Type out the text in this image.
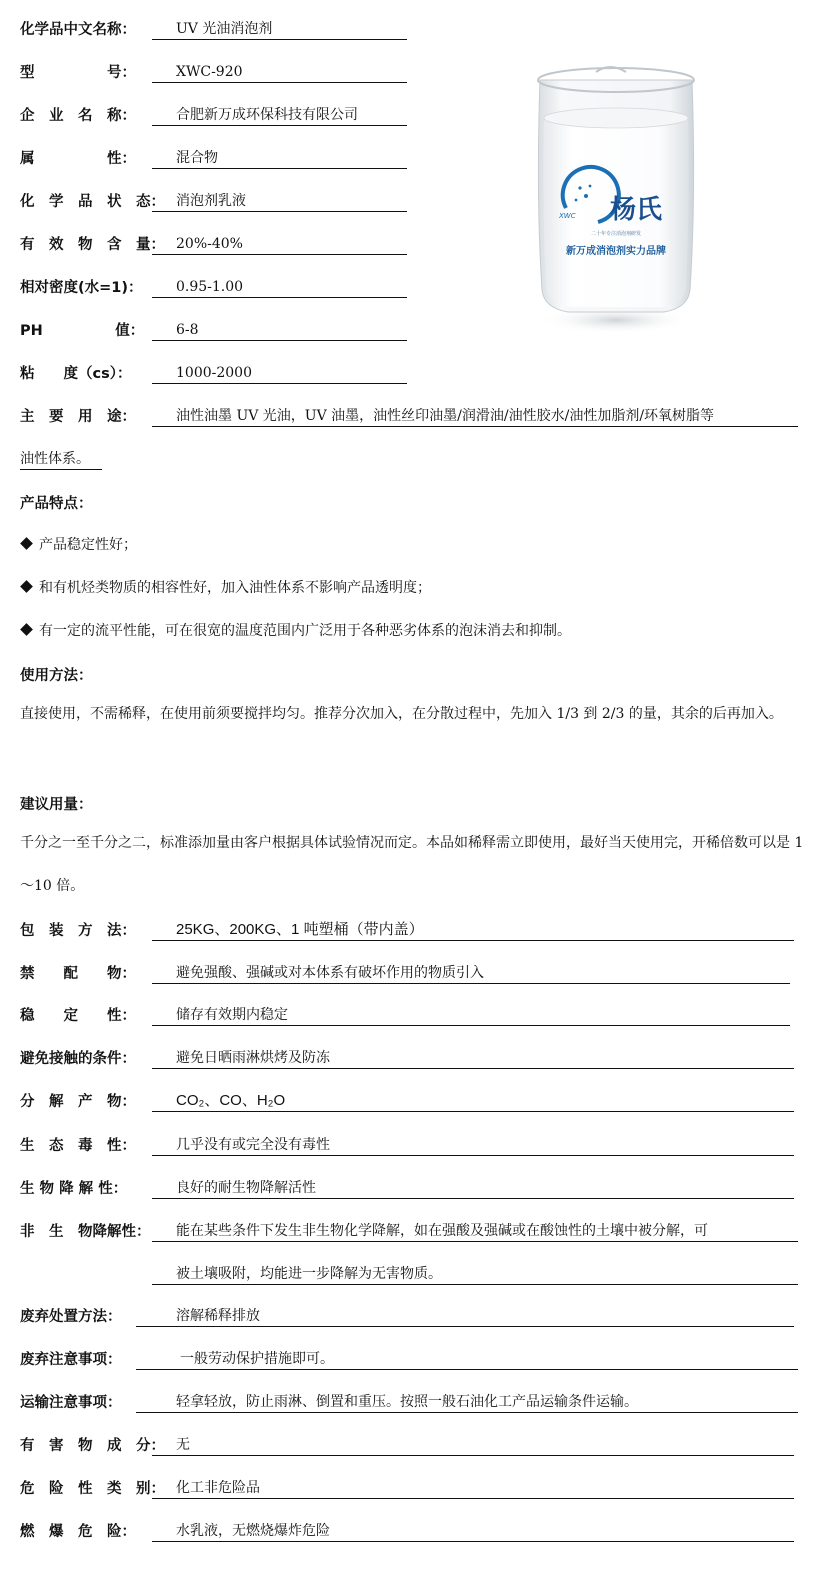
化学品中文名称：	UV 光油消泡剂
型　　　　　号：	XWC-920
企　业　名　称：	合肥新万成环保科技有限公司
属　　　　　性：	混合物
化　学　品　状　态： 消泡剂乳液
有　效　物　含　量： 20%-40%
相对密度(水=1)：	0.95-1.00
PH　　　　　值：	6-8
粘　　度（cs）：	1000-2000
XWC 杨氏
二十年专注消泡剂研发
新万成消泡剂实力品牌
主　要　用　途：	油性油墨 UV 光油，UV 油墨，油性丝印油墨/润滑油/油性胶水/油性加脂剂/环氧树脂等
油性体系。
产品特点：
产品稳定性好；
和有机烃类物质的相容性好，加入油性体系不影响产品透明度；
有一定的流平性能，可在很宽的温度范围内广泛用于各种恶劣体系的泡沫消去和抑制。
使用方法：
直接使用，不需稀释，在使用前须要搅拌均匀。推荐分次加入，在分散过程中，先加入 1/3 到 2/3 的量，其余的后再加入。
建议用量：
千分之一至千分之二，标准添加量由客户根据具体试验情况而定。本品如稀释需立即使用，最好当天使用完，开稀倍数可以是 1～10 倍。
包　装　方　法：	25KG、200KG、1 吨塑桶（带内盖）
禁　　配　　物：	避免强酸、强碱或对本体系有破坏作用的物质引入
稳　　定　　性：	储存有效期内稳定
避免接触的条件：	避免日晒雨淋烘烤及防冻
分　解　产　物：	CO₂、CO、H₂O
生　态　毒　性：	几乎没有或完全没有毒性
生 物 降 解 性：	良好的耐生物降解活性
非　生　物降解性：	能在某些条件下发生非生物化学降解，如在强酸及强碱或在酸蚀性的土壤中被分解，可
被土壤吸附，均能进一步降解为无害物质。
废弃处置方法：	溶解稀释排放
废弃注意事项：	一般劳动保护措施即可。
运输注意事项：	轻拿轻放，防止雨淋、倒置和重压。按照一般石油化工产品运输条件运输。
有　害　物　成　分： 无
危　险　性　类　别： 化工非危险品
燃　爆　危　险：	水乳液，无燃烧爆炸危险
